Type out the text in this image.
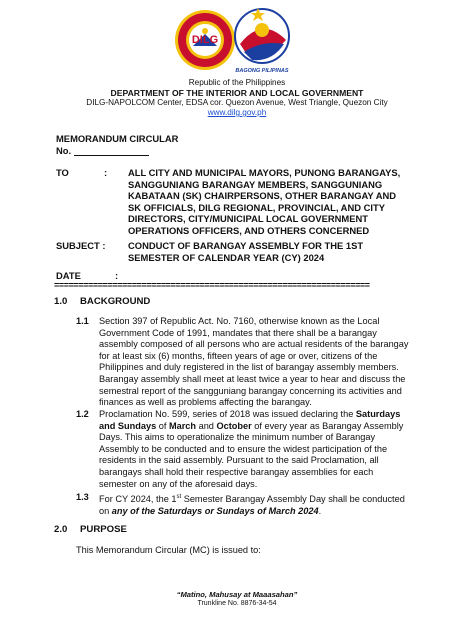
DILG
BAGONG PILIPINAS
Republic of the Philippines
DEPARTMENT OF THE INTERIOR AND LOCAL GOVERNMENT
DILG-NAPOLCOM Center, EDSA cor. Quezon Avenue, West Triangle, Quezon City
www.dilg.gov.ph
MEMORANDUM CIRCULAR
No.
TO	: ALL CITY AND MUNICIPAL MAYORS, PUNONG BARANGAYS,
SANGGUNIANG BARANGAY MEMBERS, SANGGUNIANG
KABATAAN (SK) CHAIRPERSONS, OTHER BARANGAY AND
SK OFFICIALS, DILG REGIONAL, PROVINCIAL, AND CITY
DIRECTORS, CITY/MUNICIPAL LOCAL GOVERNMENT
OPERATIONS OFFICERS, AND OTHERS CONCERNED
SUBJECT : CONDUCT OF BARANGAY ASSEMBLY FOR THE 1ST
SEMESTER OF CALENDAR YEAR (CY) 2024
DATE	:
=================================================================
1.0 BACKGROUND
1.1 Section 397 of Republic Act. No. 7160, otherwise known as the Local
Government Code of 1991, mandates that there shall be a barangay
assembly composed of all persons who are actual residents of the barangay
for at least six (6) months, fifteen years of age or over, citizens of the
Philippines and duly registered in the list of barangay assembly members.
Barangay assembly shall meet at least twice a year to hear and discuss the
semestral report of the sangguniang barangay concerning its activities and
finances as well as problems affecting the barangay.
1.2 Proclamation No. 599, series of 2018 was issued declaring the Saturdays
and Sundays of March and October of every year as Barangay Assembly
Days. This aims to operationalize the minimum number of Barangay
Assembly to be conducted and to ensure the widest participation of the
residents in the said assembly. Pursuant to the said Proclamation, all
barangays shall hold their respective barangay assemblies for each
semester on any of the aforesaid days.
1.3 For CY 2024, the 1st Semester Barangay Assembly Day shall be conducted
on any of the Saturdays or Sundays of March 2024.
2.0 PURPOSE
This Memorandum Circular (MC) is issued to:
“Matino, Mahusay at Maaasahan”
Trunkline No. 8876-34-54
